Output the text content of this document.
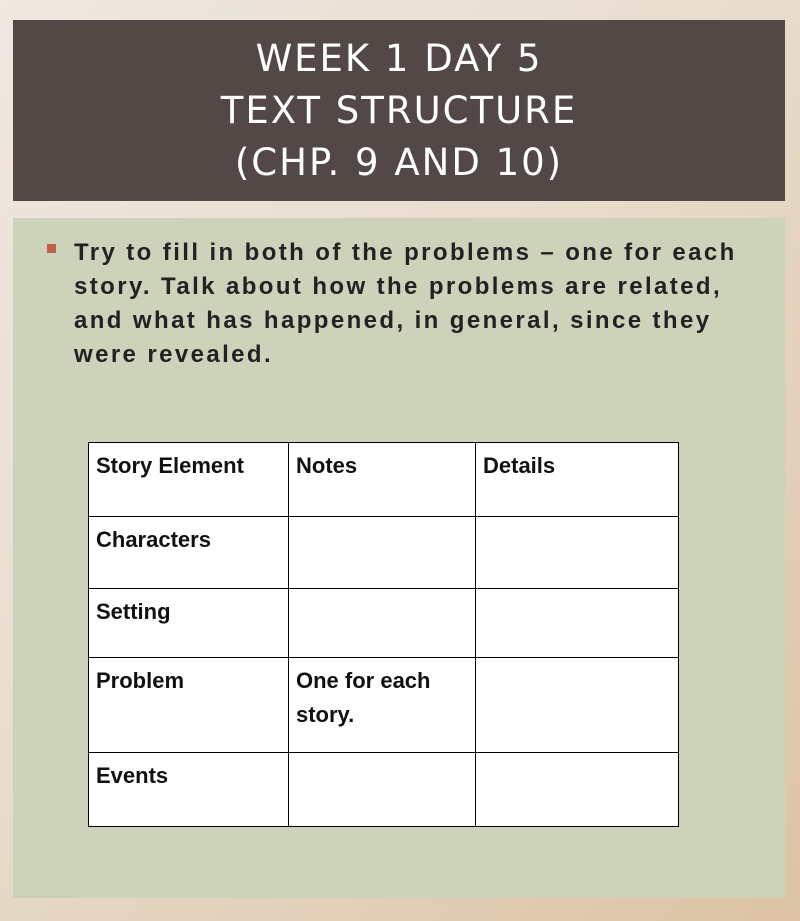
WEEK 1 DAY 5
TEXT STRUCTURE
(CHP. 9 AND 10)
Try to fill in both of the problems – one for each story. Talk about how the problems are related, and what has happened, in general, since they were revealed.
Story Element	Notes	Details
Characters		
Setting		
Problem	One for each story.	
Events		
